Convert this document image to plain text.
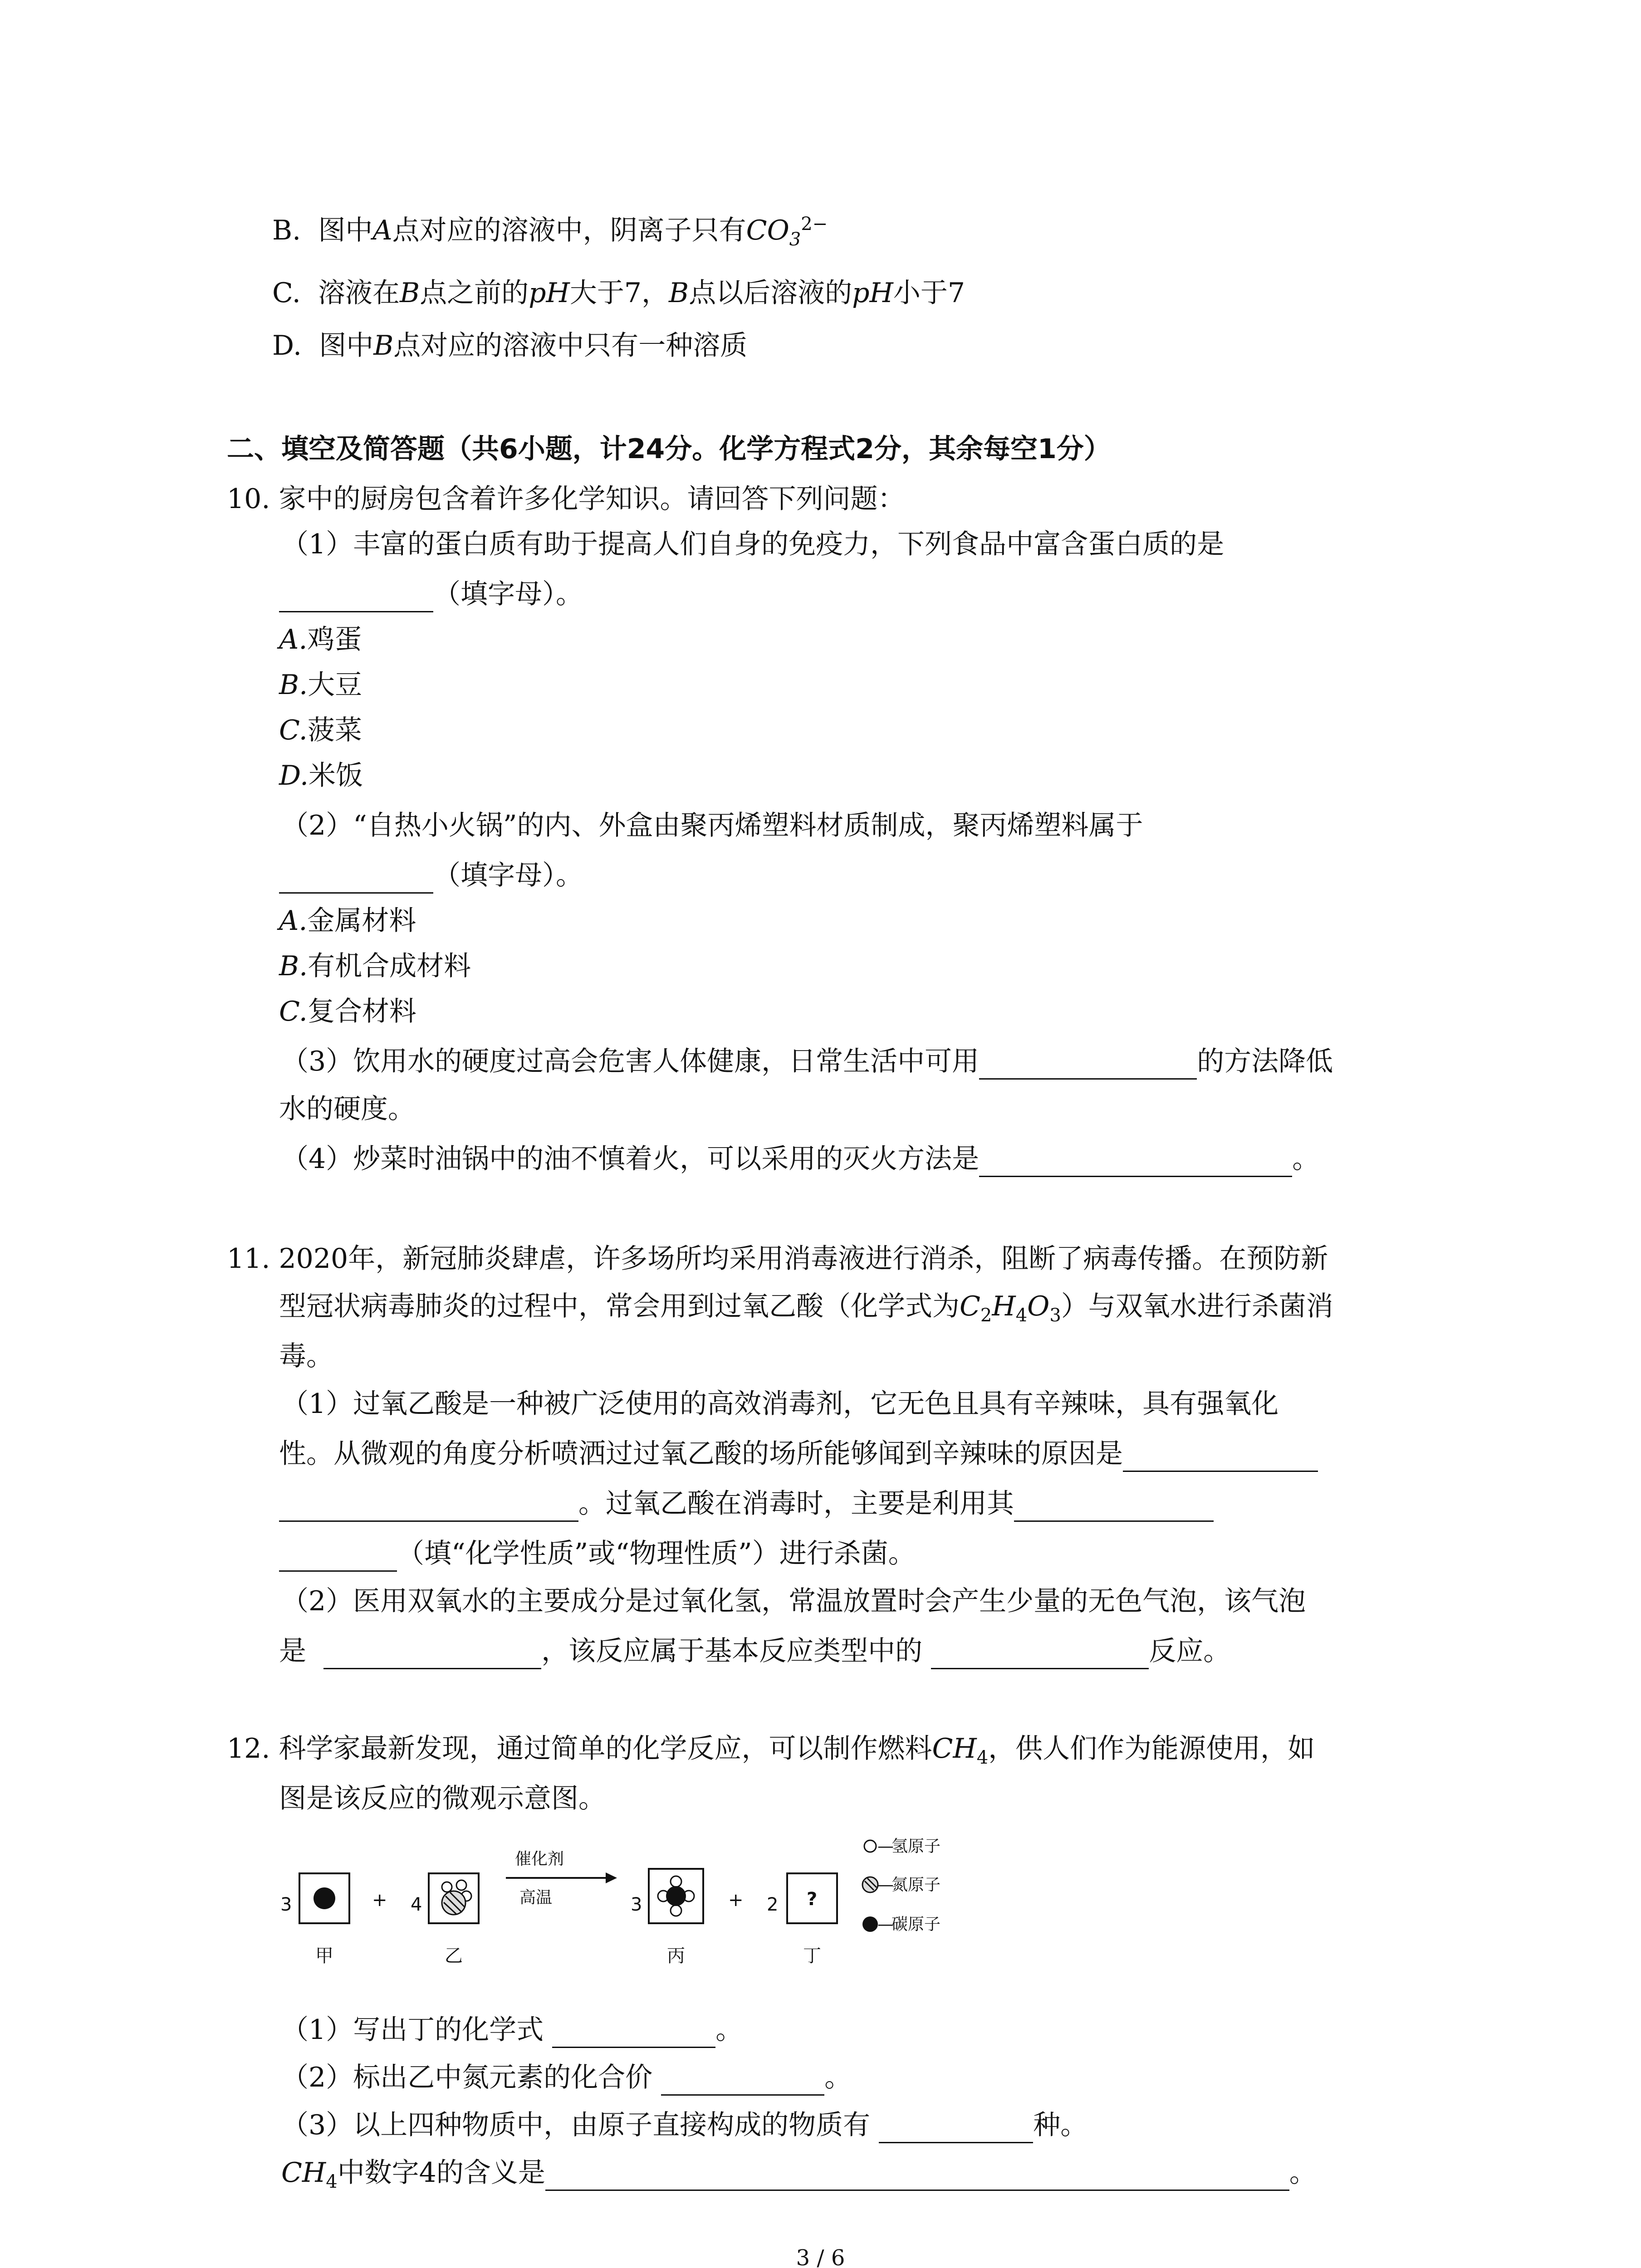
B. 图中A点对应的溶液中，阴离子只有$CO_3^{2-}$
C. 溶液在B点之前的pH大于7，B点以后溶液的pH小于7
D. 图中B点对应的溶液中只有一种溶质
二、填空及简答题（共6小题，计24分。化学方程式2分，其余每空1分）
10. 家中的厨房包含着许多化学知识。请回答下列问题：
（1）丰富的蛋白质有助于提高人们自身的免疫力，下列食品中富含蛋白质的是
（填字母）。
A.鸡蛋
B.大豆
C.菠菜
D.米饭
（2）“自热小火锅”的内、外盒由聚丙烯塑料材质制成，聚丙烯塑料属于
（填字母）。
A.金属材料
B.有机合成材料
C.复合材料
（3）饮用水的硬度过高会危害人体健康，日常生活中可用	的方法降低
水的硬度。
（4）炒菜时油锅中的油不慎着火，可以采用的灭火方法是	。
11. 2020年，新冠肺炎肆虐，许多场所均采用消毒液进行消杀，阻断了病毒传播。在预防新
型冠状病毒肺炎的过程中，常会用到过氧乙酸（化学式为$C_2H_4O_3$）与双氧水进行杀菌消
毒。
（1）过氧乙酸是一种被广泛使用的高效消毒剂，它无色且具有辛辣味，具有强氧化
性。从微观的角度分析喷洒过过氧乙酸的场所能够闻到辛辣味的原因是
。过氧乙酸在消毒时，主要是利用其
（填“化学性质”或“物理性质”）进行杀菌。
（2）医用双氧水的主要成分是过氧化氢，常温放置时会产生少量的无色气泡，该气泡
是	，该反应属于基本反应类型中的	反应。
12. 科学家最新发现，通过简单的化学反应，可以制作燃料$CH_4$，供人们作为能源使用，如
图是该反应的微观示意图。
3	+ 4
催化剂
高温	3	+ 2 ?
—
氢原子
—
氮原子
—
碳原子
甲	乙	丙	丁
（1）写出丁的化学式	。
（2）标出乙中氮元素的化合价	。
（3）以上四种物质中，由原子直接构成的物质有	种。
$CH_4$中数字4的含义是	。
3 / 6
